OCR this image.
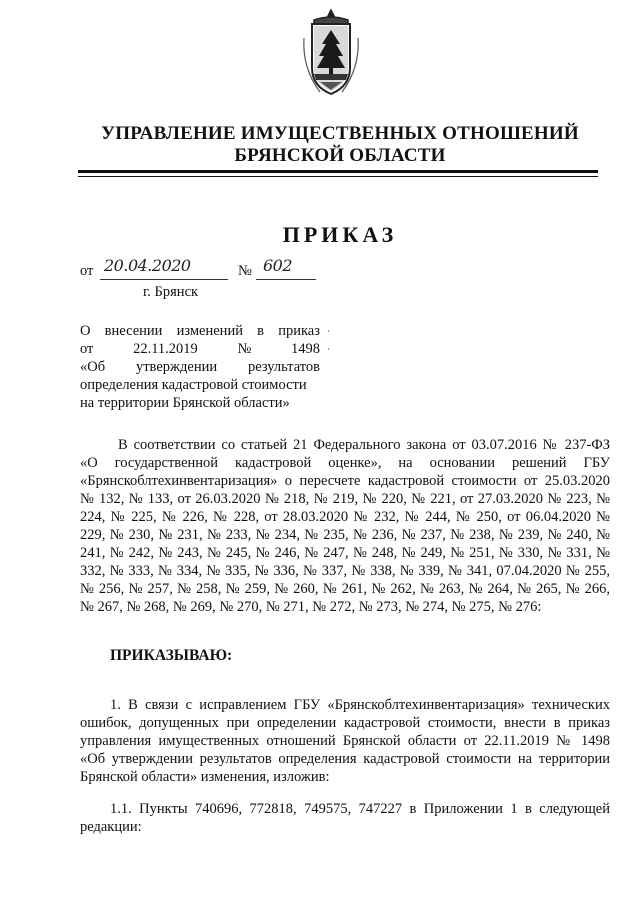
УПРАВЛЕНИЕ ИМУЩЕСТВЕННЫХ ОТНОШЕНИЙ
БРЯНСКОЙ ОБЛАСТИ
ПРИКАЗ
от 20.04.2020	№ 602
г. Брянск
О внесении изменений в приказ
от	22.11.2019	№	1498
«Об утверждении результатов
определения кадастровой стоимости
на территории Брянской области»
В соответствии со статьей 21 Федерального закона от 03.07.2016 № 237-ФЗ
«О государственной кадастровой оценке», на основании решений ГБУ
«Брянскоблтехинвентаризация» о пересчете кадастровой стоимости от 25.03.2020
№ 132, № 133, от 26.03.2020 № 218, № 219, № 220, № 221, от 27.03.2020 № 223, №
224, № 225, № 226, № 228, от 28.03.2020 № 232, № 244, № 250, от 06.04.2020 №
229, № 230, № 231, № 233, № 234, № 235, № 236, № 237, № 238, № 239, № 240, №
241, № 242, № 243, № 245, № 246, № 247, № 248, № 249, № 251, № 330, № 331, №
332, № 333, № 334, № 335, № 336, № 337, № 338, № 339, № 341, 07.04.2020 № 255,
№ 256, № 257, № 258, № 259, № 260, № 261, № 262, № 263, № 264, № 265, № 266,
№ 267, № 268, № 269, № 270, № 271, № 272, № 273, № 274, № 275, № 276:
ПРИКАЗЫВАЮ:
1. В связи с исправлением ГБУ «Брянскоблтехинвентаризация» технических
ошибок, допущенных при определении кадастровой стоимости, внести в приказ
управления имущественных отношений Брянской области от 22.11.2019 № 1498
«Об утверждении результатов определения кадастровой стоимости на территории
Брянской области» изменения, изложив:
1.1. Пункты 740696, 772818, 749575, 747227 в Приложении 1 в следующей
редакции:
